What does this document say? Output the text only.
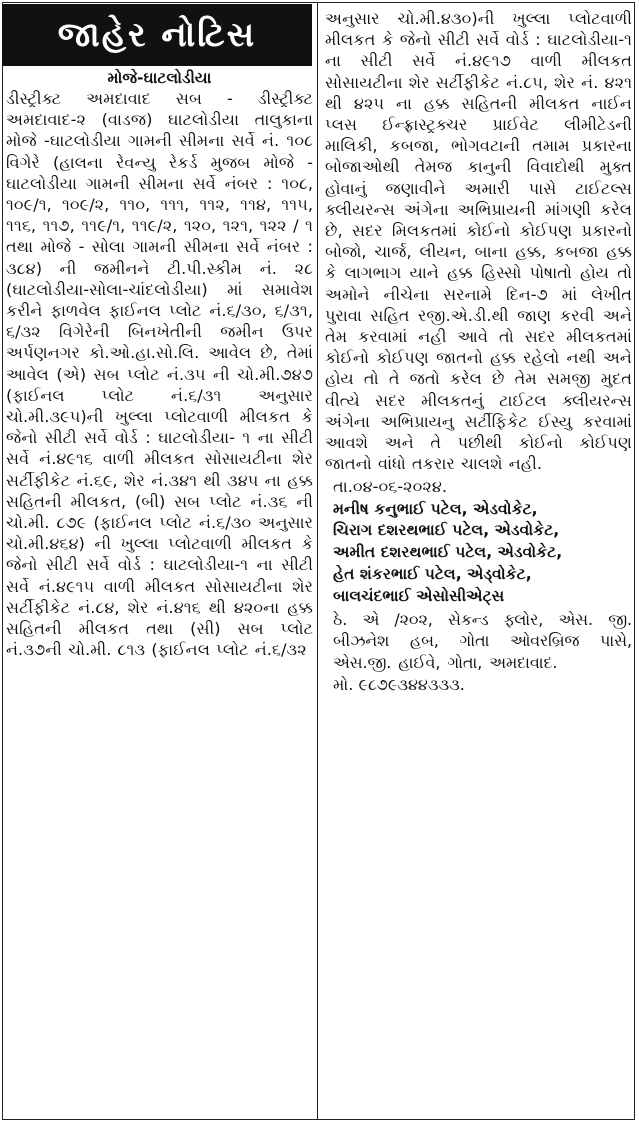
જાહેર નોટિસ
મોજે-ઘાટલોડીયા

ડીસ્ટ્રીક્ટ અમદાવાદ સબ - ડીસ્ટ્રીક્ટ અમદાવાદ-૨ (વાડજ) ઘાટલોડીયા તાલુકાના મોજે -ઘાટલોડીયા ગામની સીમના સર્વે નં. ૧૦૮ વિગેરે (હાલના રેવન્યુ રેકર્ડ મુજબ મોજે - ઘાટલોડીયા ગામની સીમના સર્વે નંબર : ૧૦૮, ૧૦૯/૧, ૧૦૯/૨, ૧૧૦, ૧૧૧, ૧૧૨, ૧૧૪, ૧૧૫, ૧૧૬, ૧૧૭, ૧૧૯/૧, ૧૧૯/૨, ૧૨૦, ૧૨૧, ૧૨૨ / ૧ તથા મોજે - સોલા ગામની સીમના સર્વે નંબર : ૩૮૪) ની જમીનને ટી.પી.સ્કીમ નં. ૨૮ (ઘાટલોડીયા-સોલા-ચાંદલોડીયા) માં સમાવેશ કરીને ફાળવેલ ફાઈનલ પ્લોટ નં.૬/૩૦, ૬/૩૧, ૬/૩૨ વિગેરેની બિનખેતીની જમીન ઉપર અર્પણનગર કો.ઓ.હા.સો.લિ. આવેલ છે, તેમાં આવેલ (એ) સબ પ્લોટ નં.૩૫ ની ચો.મી.૭૪૭ (ફાઈનલ પ્લોટ નં.૬/૩૧ અનુસાર ચો.મી.૩૯૫)ની ખુલ્લા પ્લોટવાળી મીલકત કે જેનો સીટી સર્વે વોર્ડ : ઘાટલોડીયા- ૧ ના સીટી સર્વે નં.૪૯૧૬ વાળી મીલકત સોસાયટીના શેર સર્ટીફીકેટ નં.૬૯, શેર નં.૩૪૧ થી ૩૪૫ ના હક્ક સહિતની મીલકત, (બી) સબ પ્લોટ નં.૩૬ ની ચો.મી. ૮૭૯ (ફાઈનલ પ્લોટ નં.૬/૩૦ અનુસાર ચો.મી.૪૬૪) ની ખુલ્લા પ્લોટવાળી મીલકત કે જેનો સીટી સર્વે વોર્ડ : ઘાટલોડીયા-૧ ના સીટી સર્વે નં.૪૯૧૫ વાળી મીલકત સોસાયટીના શેર સર્ટીફીકેટ નં.૮૪, શેર નં.૪૧૬ થી ૪૨૦ના હક્ક સહિતની મીલકત તથા (સી) સબ પ્લોટ નં.૩૭ની ચો.મી. ૮૧૩ (ફાઈનલ પ્લોટ નં.૬/૩૨

અનુસાર ચો.મી.૪૩૦)ની ખુલ્લા પ્લોટવાળી મીલકત કે જેનો સીટી સર્વે વોર્ડ : ઘાટલોડીયા-૧ ના સીટી સર્વે નં.૪૯૧૭ વાળી મીલકત સોસાયટીના શેર સર્ટીફીકેટ નં.૮૫, શેર નં. ૪૨૧ થી ૪૨૫ ના હક્ક સહિતની મીલકત નાઈન પ્લસ ઈન્ફ્રાસ્ટ્રક્ચર પ્રાઈવેટ લીમીટેડની માલિકી, કબજા, ભોગવટાની તમામ પ્રકારના બોજાઓથી તેમજ કાનુની વિવાદોથી મુક્ત હોવાનું જણાવીને અમારી પાસે ટાઈટલ્સ ક્લીયરન્સ અંગેના અભિપ્રાયની માંગણી કરેલ છે, સદર મિલકતમાં કોઈનો કોઈપણ પ્રકારનો બોજો, ચાર્જ, લીયન, બાના હક્ક, કબજા હક્ક કે લાગભાગ યાને હક્ક હિસ્સો પોષાતો હોય તો અમોને નીચેના સરનામે દિન-૭ માં લેખીત પુરાવા સહિત રજી.એ.ડી.થી જાણ કરવી અને તેમ કરવામાં નહી આવે તો સદર મીલકતમાં કોઈનો કોઈપણ જાતનો હક્ક રહેલો નથી અને હોય તો તે જતો કરેલ છે તેમ સમજી મુદત વીત્યે સદર મીલકતનું ટાઈટલ ક્લીયરન્સ અંગેના અભિપ્રાયનુ સર્ટીફિકેટ ઈસ્યુ કરવામાં આવશે અને તે પછીથી કોઈનો કોઈપણ જાતનો વાંધો તકરાર ચાલશે નહી.

તા.૦૪-૦૬-૨૦૨૪.
મનીષ કનુભાઈ પટેલ, એડવોકેટ,
ચિરાગ દશરથભાઈ પટેલ, એડવોકેટ,
અમીત દશરથભાઈ પટેલ, એડવોકેટ,
હેત શંકરભાઈ પટેલ, એડ્વોકેટ,
બાલચંદભાઈ એસોસીએટ્સ
ઠે. એ /૨૦૨, સેકન્ડ ફ્લોર, એસ. જી. બીઝનેશ હબ, ગોતા ઓવરબ્રિજ પાસે, એસ.જી. હાઈવે, ગોતા, અમદાવાદ.
મો. ૯૮૭૯૩૪૪૩૩૩.
